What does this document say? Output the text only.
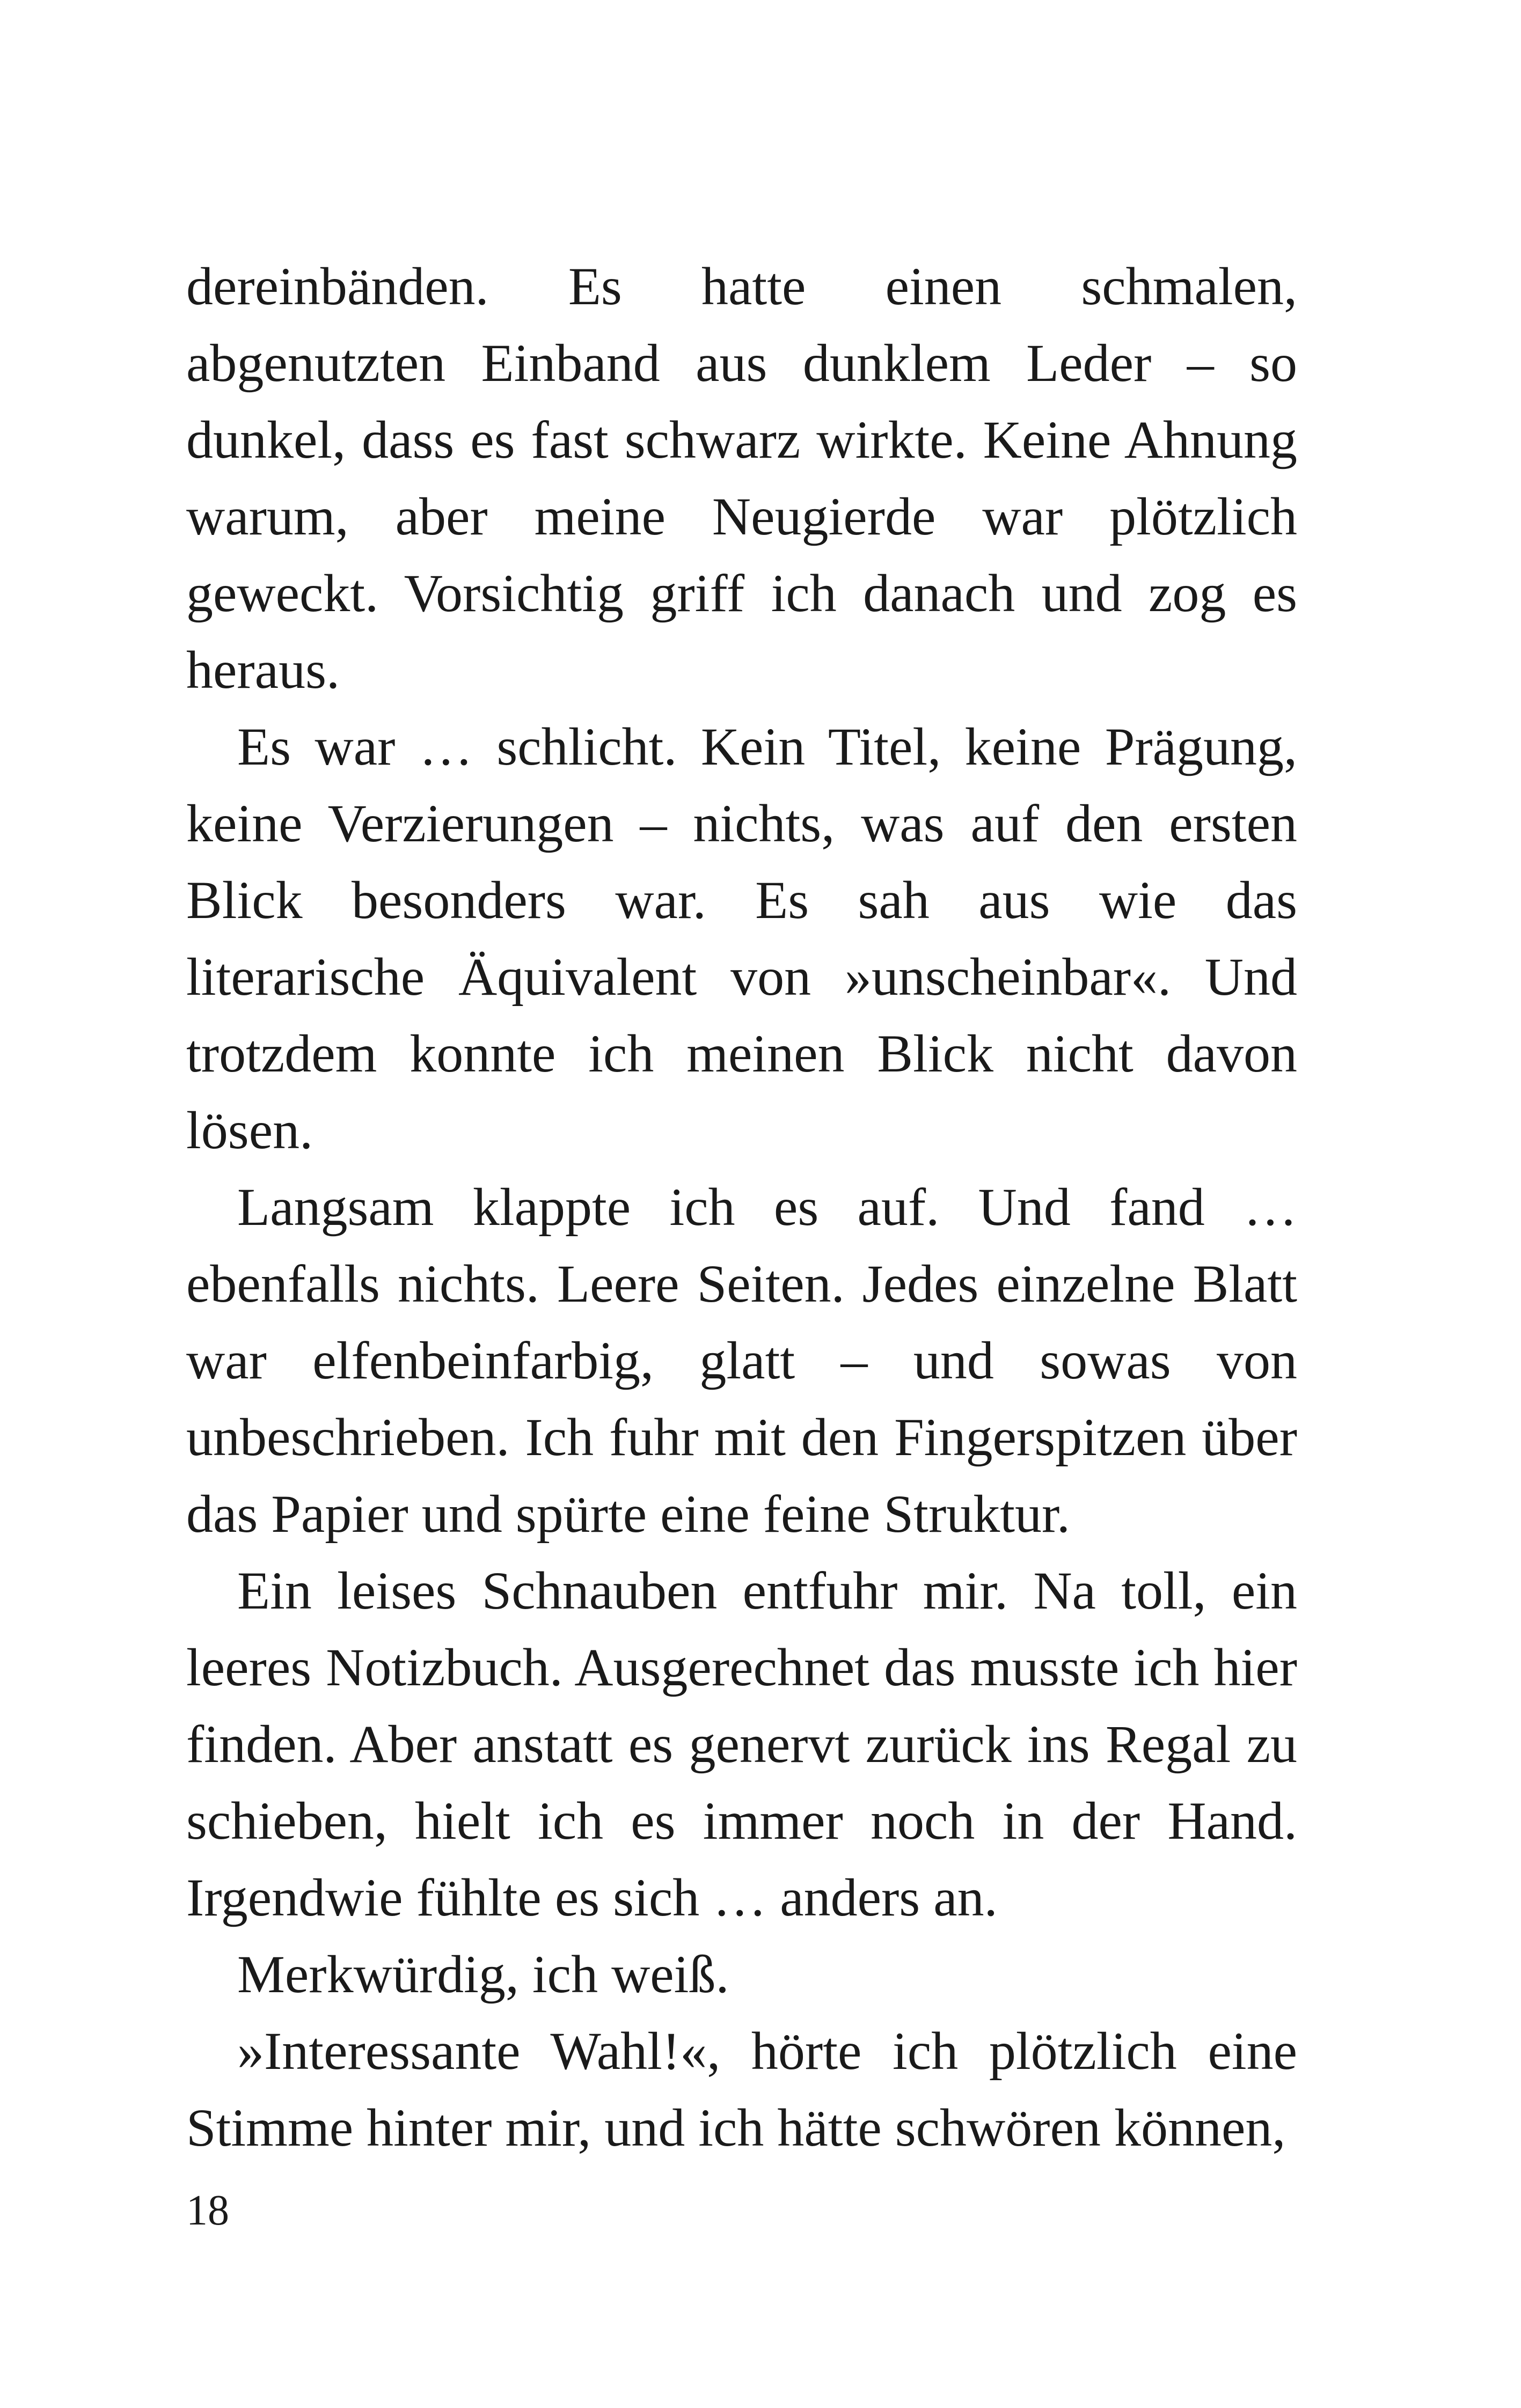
dereinbänden. Es hatte einen schmalen, abgenutzten Einband aus dunklem Leder – so dunkel, dass es fast schwarz wirkte. Keine Ahnung warum, aber meine Neugierde war plötzlich geweckt. Vorsichtig griff ich danach und zog es heraus.

Es war … schlicht. Kein Titel, keine Prägung, keine Verzierungen – nichts, was auf den ersten Blick besonders war. Es sah aus wie das literarische Äquivalent von »unscheinbar«. Und trotzdem konnte ich meinen Blick nicht davon lösen.

Langsam klappte ich es auf. Und fand … ebenfalls nichts. Leere Seiten. Jedes einzelne Blatt war elfenbeinfarbig, glatt – und sowas von unbeschrieben. Ich fuhr mit den Fingerspitzen über das Papier und spürte eine feine Struktur.

Ein leises Schnauben entfuhr mir. Na toll, ein leeres Notizbuch. Ausgerechnet das musste ich hier finden. Aber anstatt es genervt zurück ins Regal zu schieben, hielt ich es immer noch in der Hand. Irgendwie fühlte es sich … anders an.

Merkwürdig, ich weiß.

»Interessante Wahl!«, hörte ich plötzlich eine Stimme hinter mir, und ich hätte schwören können,

18
